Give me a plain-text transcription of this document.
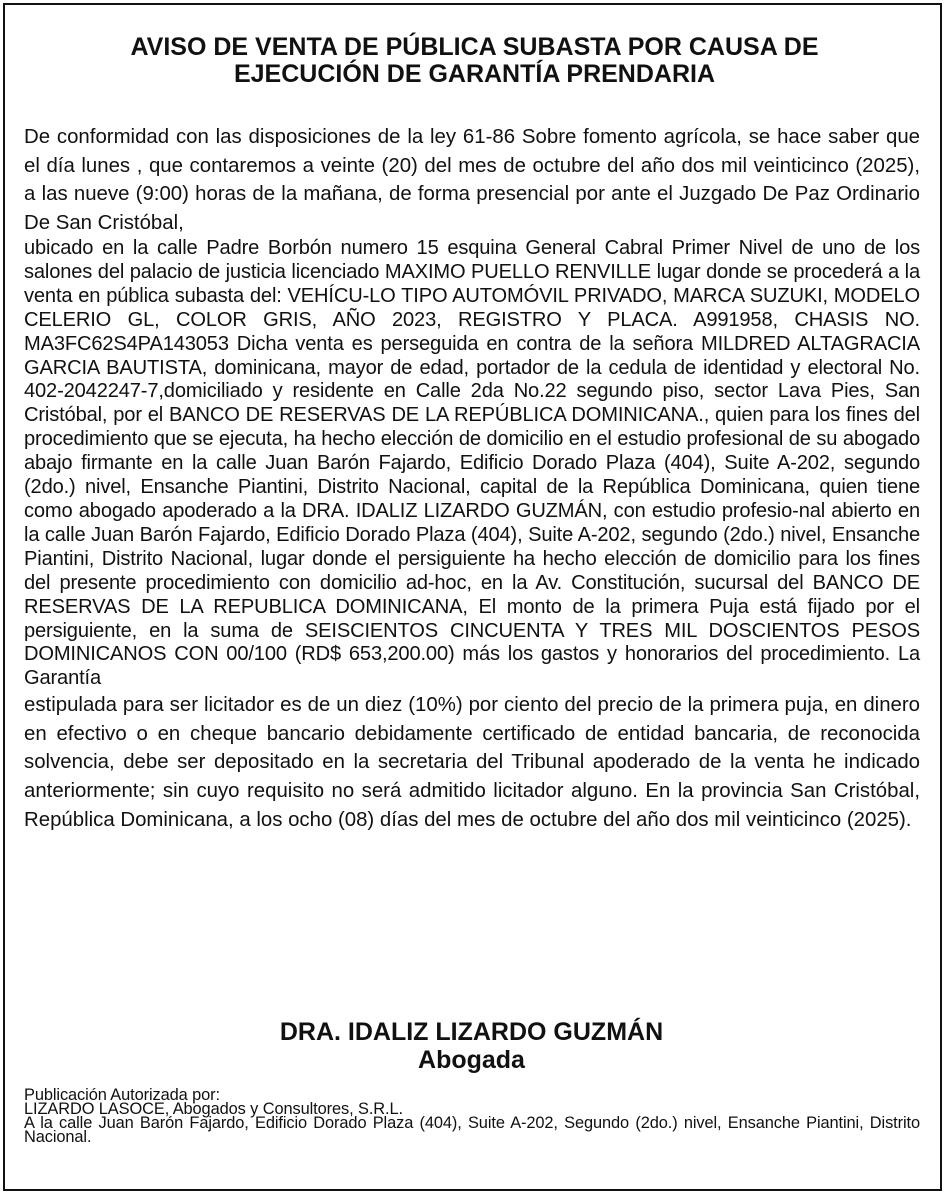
AVISO DE VENTA DE PÚBLICA SUBASTA POR CAUSA DE
EJECUCIÓN DE GARANTÍA PRENDARIA

De conformidad con las disposiciones de la ley 61-86 Sobre fomento agrícola, se hace saber que el día lunes , que contaremos a veinte (20) del mes de octubre del año dos mil veinticinco (2025), a las nueve (9:00) horas de la mañana, de forma presencial por ante el Juzgado De Paz Ordinario De San Cristóbal,

ubicado en la calle Padre Borbón numero 15 esquina General Cabral Primer Nivel de uno de los salones del palacio de justicia licenciado MAXIMO PUELLO RENVILLE lugar donde se procederá a la venta en pública subasta del: VEHÍCU-LO TIPO AUTOMÓVIL PRIVADO, MARCA SUZUKI, MODELO CELERIO GL, COLOR GRIS, AÑO 2023, REGISTRO Y PLACA. A991958, CHASIS NO. MA3FC62S4PA143053 Dicha venta es perseguida en contra de la señora MILDRED ALTAGRACIA GARCIA BAUTISTA, dominicana, mayor de edad, portador de la cedula de identidad y electoral No. 402-2042247-7,domiciliado y residente en Calle 2da No.22 segundo piso, sector Lava Pies, San Cristóbal, por el BANCO DE RESERVAS DE LA REPÚBLICA DOMINICANA., quien para los fines del procedimiento que se ejecuta, ha hecho elección de domicilio en el estudio profesional de su abogado abajo firmante en la calle Juan Barón Fajardo, Edificio Dorado Plaza (404), Suite A-202, segundo (2do.) nivel, Ensanche Piantini, Distrito Nacional, capital de la República Dominicana, quien tiene como abogado apoderado a la DRA. IDALIZ LIZARDO GUZMÁN, con estudio profesio-nal abierto en la calle Juan Barón Fajardo, Edificio Dorado Plaza (404), Suite A-202, segundo (2do.) nivel, Ensanche Piantini, Distrito Nacional, lugar donde el persiguiente ha hecho elección de domicilio para los fines del presente procedimiento con domicilio ad-hoc, en la Av. Constitución, sucursal del BANCO DE RESERVAS DE LA REPUBLICA DOMINICANA, El monto de la primera Puja está fijado por el persiguiente, en la suma de SEISCIENTOS CINCUENTA Y TRES MIL DOSCIENTOS PESOS DOMINICANOS CON 00/100 (RD$ 653,200.00) más los gastos y honorarios del procedimiento. La Garantía

estipulada para ser licitador es de un diez (10%) por ciento del precio de la primera puja, en dinero en efectivo o en cheque bancario debidamente certificado de entidad bancaria, de reconocida solvencia, debe ser depositado en la secretaria del Tribunal apoderado de la venta he indicado anteriormente; sin cuyo requisito no será admitido licitador alguno. En la provincia San Cristóbal, República Dominicana, a los ocho (08) días del mes de octubre del año dos mil veinticinco (2025).

DRA. IDALIZ LIZARDO GUZMÁN
Abogada
Publicación Autorizada por:
LIZARDO LASOCE, Abogados y Consultores, S.R.L.
A la calle Juan Barón Fajardo, Edificio Dorado Plaza (404), Suite A-202, Segundo (2do.) nivel, Ensanche Piantini, Distrito Nacional.
